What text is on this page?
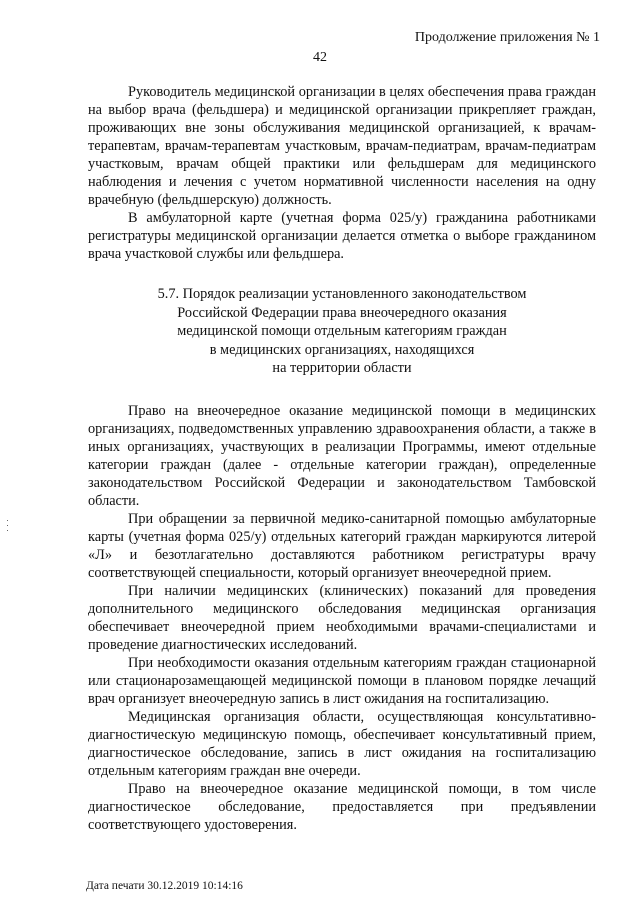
Продолжение приложения № 1
42

Руководитель медицинской организации в целях обеспечения права граждан на выбор врача (фельдшера) и медицинской организации прикрепляет граждан, проживающих вне зоны обслуживания медицинской организацией, к врачам-терапевтам, врачам-терапевтам участковым, врачам-педиатрам, врачам-педиатрам участковым, врачам общей практики или фельдшерам для медицинского наблюдения и лечения с учетом нормативной численности населения на одну врачебную (фельдшерскую) должность.

В амбулаторной карте (учетная форма 025/у) гражданина работниками регистратуры медицинской организации делается отметка о выборе гражданином врача участковой службы или фельдшера.

5.7. Порядок реализации установленного законодательством
Российской Федерации права внеочередного оказания
медицинской помощи отдельным категориям граждан
в медицинских организациях, находящихся
на территории области

Право на внеочередное оказание медицинской помощи в медицинских организациях, подведомственных управлению здравоохранения области, а также в иных организациях, участвующих в реализации Программы, имеют отдельные категории граждан (далее - отдельные категории граждан), определенные законодательством Российской Федерации и законодательством Тамбовской области.

При обращении за первичной медико-санитарной помощью амбулаторные карты (учетная форма 025/у) отдельных категорий граждан маркируются литерой «Л» и безотлагательно доставляются работником регистратуры врачу соответствующей специальности, который организует внеочередной прием.

При наличии медицинских (клинических) показаний для проведения дополнительного медицинского обследования медицинская организация обеспечивает внеочередной прием необходимыми врачами-специалистами и проведение диагностических исследований.

При необходимости оказания отдельным категориям граждан стационарной или стационарозамещающей медицинской помощи в плановом порядке лечащий врач организует внеочередную запись в лист ожидания на госпитализацию.

Медицинская организация области, осуществляющая консультативно-диагностическую медицинскую помощь, обеспечивает консультативный прием, диагностическое обследование, запись в лист ожидания на госпитализацию отдельным категориям граждан вне очереди.

Право на внеочередное оказание медицинской помощи, в том числе диагностическое обследование, предоставляется при предъявлении соответствующего удостоверения.

Дата печати 30.12.2019 10:14:16
